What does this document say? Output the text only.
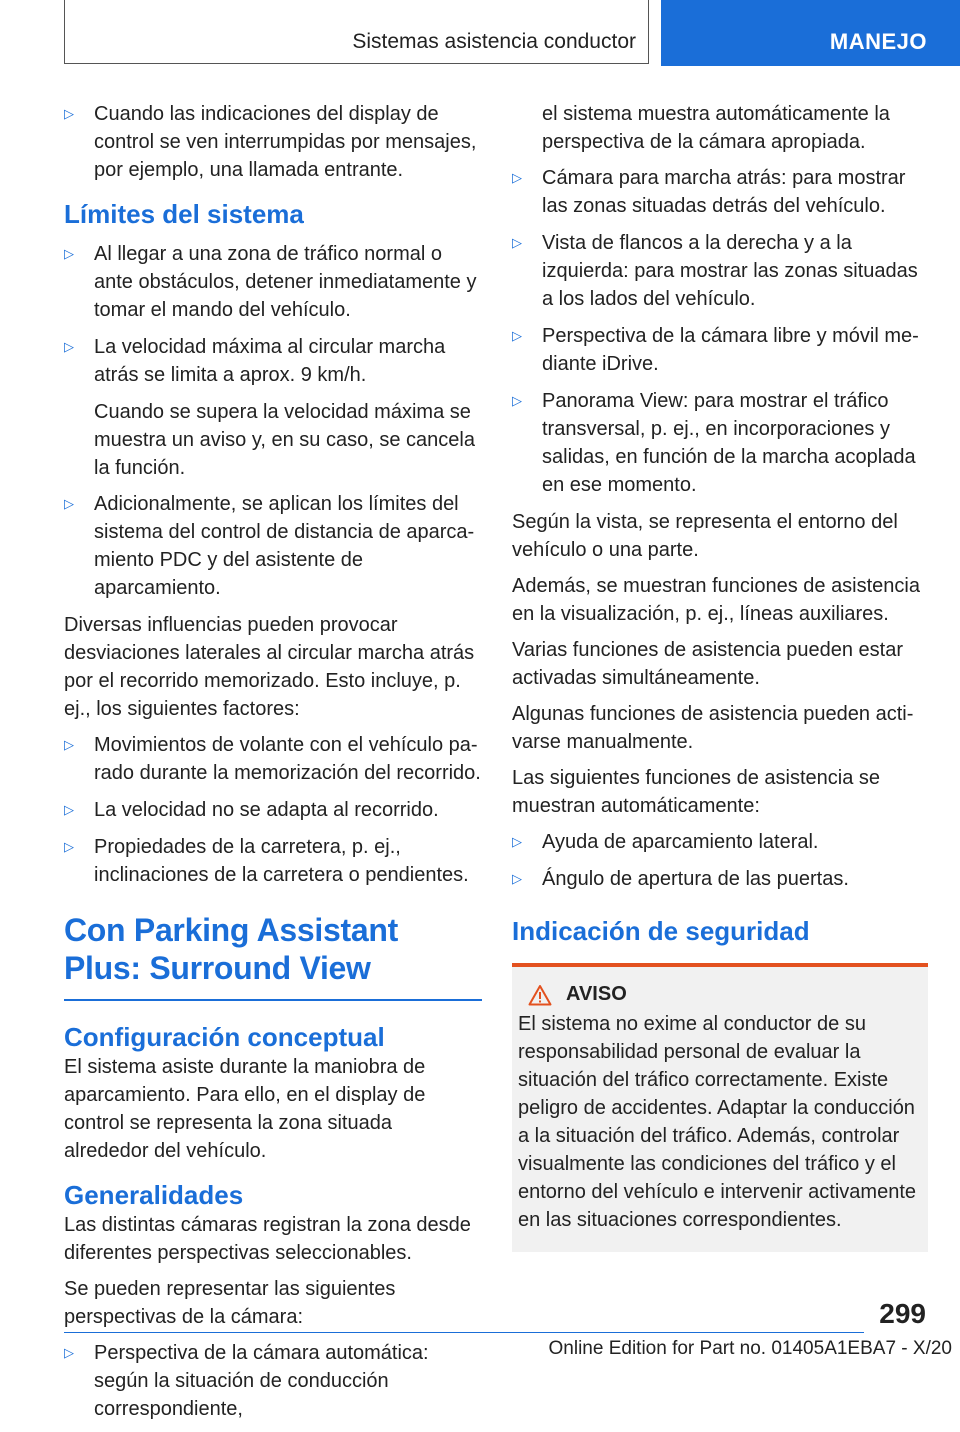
Sistemas asistencia conductor	MANEJO
▷ Cuando las indicaciones del display de control se ven interrumpidas por mensajes, por ejemplo, una llamada entrante.
Límites del sistema
▷ Al llegar a una zona de tráfico normal o ante obstáculos, detener inmediatamente y tomar el mando del vehículo.
▷ La velocidad máxima al circular marcha atrás se limita a aprox. 9 km/h.

Cuando se supera la velocidad máxima se muestra un aviso y, en su caso, se cancela la función.

▷ Adicionalmente, se aplican los límites del sistema del control de distancia de aparcamiento PDC y del asistente de aparcamiento.

Diversas influencias pueden provocar desviaciones laterales al circular marcha atrás por el recorrido memorizado. Esto incluye, p. ej., los siguientes factores:

▷ Movimientos de volante con el vehículo parado durante la memorización del recorrido.
▷ La velocidad no se adapta al recorrido.
▷ Propiedades de la carretera, p. ej., inclinaciones de la carretera o pendientes.
Con Parking Assistant Plus: Surround View
Configuración conceptual

El sistema asiste durante la maniobra de aparcamiento. Para ello, en el display de control se representa la zona situada alrededor del vehículo.

Generalidades

Las distintas cámaras registran la zona desde diferentes perspectivas seleccionables.

Se pueden representar las siguientes perspectivas de la cámara:

▷ Perspectiva de la cámara automática: según la situación de conducción correspondiente,

el sistema muestra automáticamente la perspectiva de la cámara apropiada.

▷ Cámara para marcha atrás: para mostrar las zonas situadas detrás del vehículo.
▷ Vista de flancos a la derecha y a la izquierda: para mostrar las zonas situadas a los lados del vehículo.
▷ Perspectiva de la cámara libre y móvil mediante iDrive.
▷ Panorama View: para mostrar el tráfico transversal, p. ej., en incorporaciones y salidas, en función de la marcha acoplada en ese momento.

Según la vista, se representa el entorno del vehículo o una parte.

Además, se muestran funciones de asistencia en la visualización, p. ej., líneas auxiliares.

Varias funciones de asistencia pueden estar activadas simultáneamente.

Algunas funciones de asistencia pueden activarse manualmente.

Las siguientes funciones de asistencia se muestran automáticamente:

▷ Ayuda de aparcamiento lateral.
▷ Ángulo de apertura de las puertas.
Indicación de seguridad
AVISO

El sistema no exime al conductor de su responsabilidad personal de evaluar la situación del tráfico correctamente. Existe peligro de accidentes. Adaptar la conducción a la situación del tráfico. Además, controlar visualmente las condiciones del tráfico y el entorno del vehículo e intervenir activamente en las situaciones correspondientes.

299
Online Edition for Part no. 01405A1EBA7 - X/20
